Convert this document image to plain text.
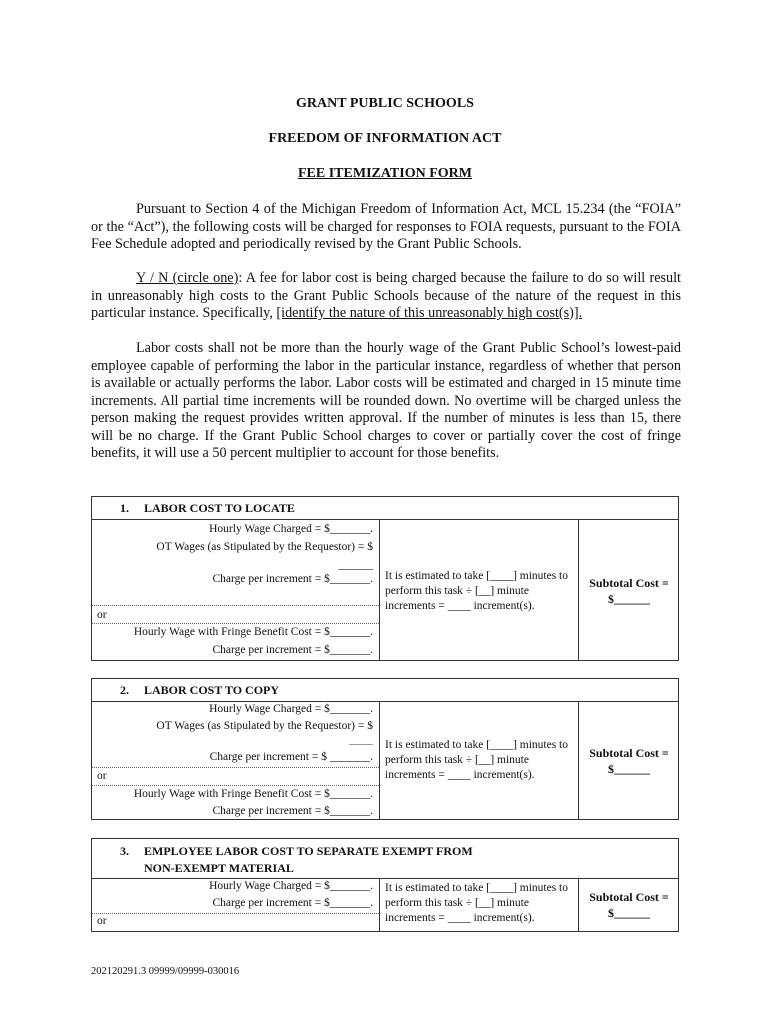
GRANT PUBLIC SCHOOLS
FREEDOM OF INFORMATION ACT
FEE ITEMIZATION FORM
Pursuant to Section 4 of the Michigan Freedom of Information Act, MCL 15.234 (the “FOIA” or the “Act”), the following costs will be charged for responses to FOIA requests, pursuant to the FOIA Fee Schedule adopted and periodically revised by the Grant Public Schools.
Y / N (circle one): A fee for labor cost is being charged because the failure to do so will result in unreasonably high costs to the Grant Public Schools because of the nature of the request in this particular instance. Specifically, [identify the nature of this unreasonably high cost(s)].
Labor costs shall not be more than the hourly wage of the Grant Public School’s lowest-paid employee capable of performing the labor in the particular instance, regardless of whether that person is available or actually performs the labor. Labor costs will be estimated and charged in 15 minute time increments. All partial time increments will be rounded down. No overtime will be charged unless the person making the request provides written approval. If the number of minutes is less than 15, there will be no charge. If the Grant Public School charges to cover or partially cover the cost of fringe benefits, it will use a 50 percent multiplier to account for those benefits.
1. LABOR COST TO LOCATE
Hourly Wage Charged = $_______.
OT Wages (as Stipulated by the Requestor) = $
______
Charge per increment = $_______.
or
Hourly Wage with Fringe Benefit Cost = $_______.
Charge per increment = $_______.
It is estimated to take [____] minutes to perform this task ÷ [__] minute increments = ____ increment(s).
Subtotal Cost =
$______
2. LABOR COST TO COPY
Hourly Wage Charged = $_______.
OT Wages (as Stipulated by the Requestor) = $
______
Charge per increment = $ _______.
or
Hourly Wage with Fringe Benefit Cost = $_______.
Charge per increment = $_______.
It is estimated to take [____] minutes to perform this task ÷ [__] minute increments = ____ increment(s).
Subtotal Cost =
$______
3. EMPLOYEE LABOR COST TO SEPARATE EXEMPT FROM
NON-EXEMPT MATERIAL
Hourly Wage Charged = $_______.
Charge per increment = $_______.
or
It is estimated to take [____] minutes to perform this task ÷ [__] minute increments = ____ increment(s).
Subtotal Cost =
$______
202120291.3 09999/09999-030016
